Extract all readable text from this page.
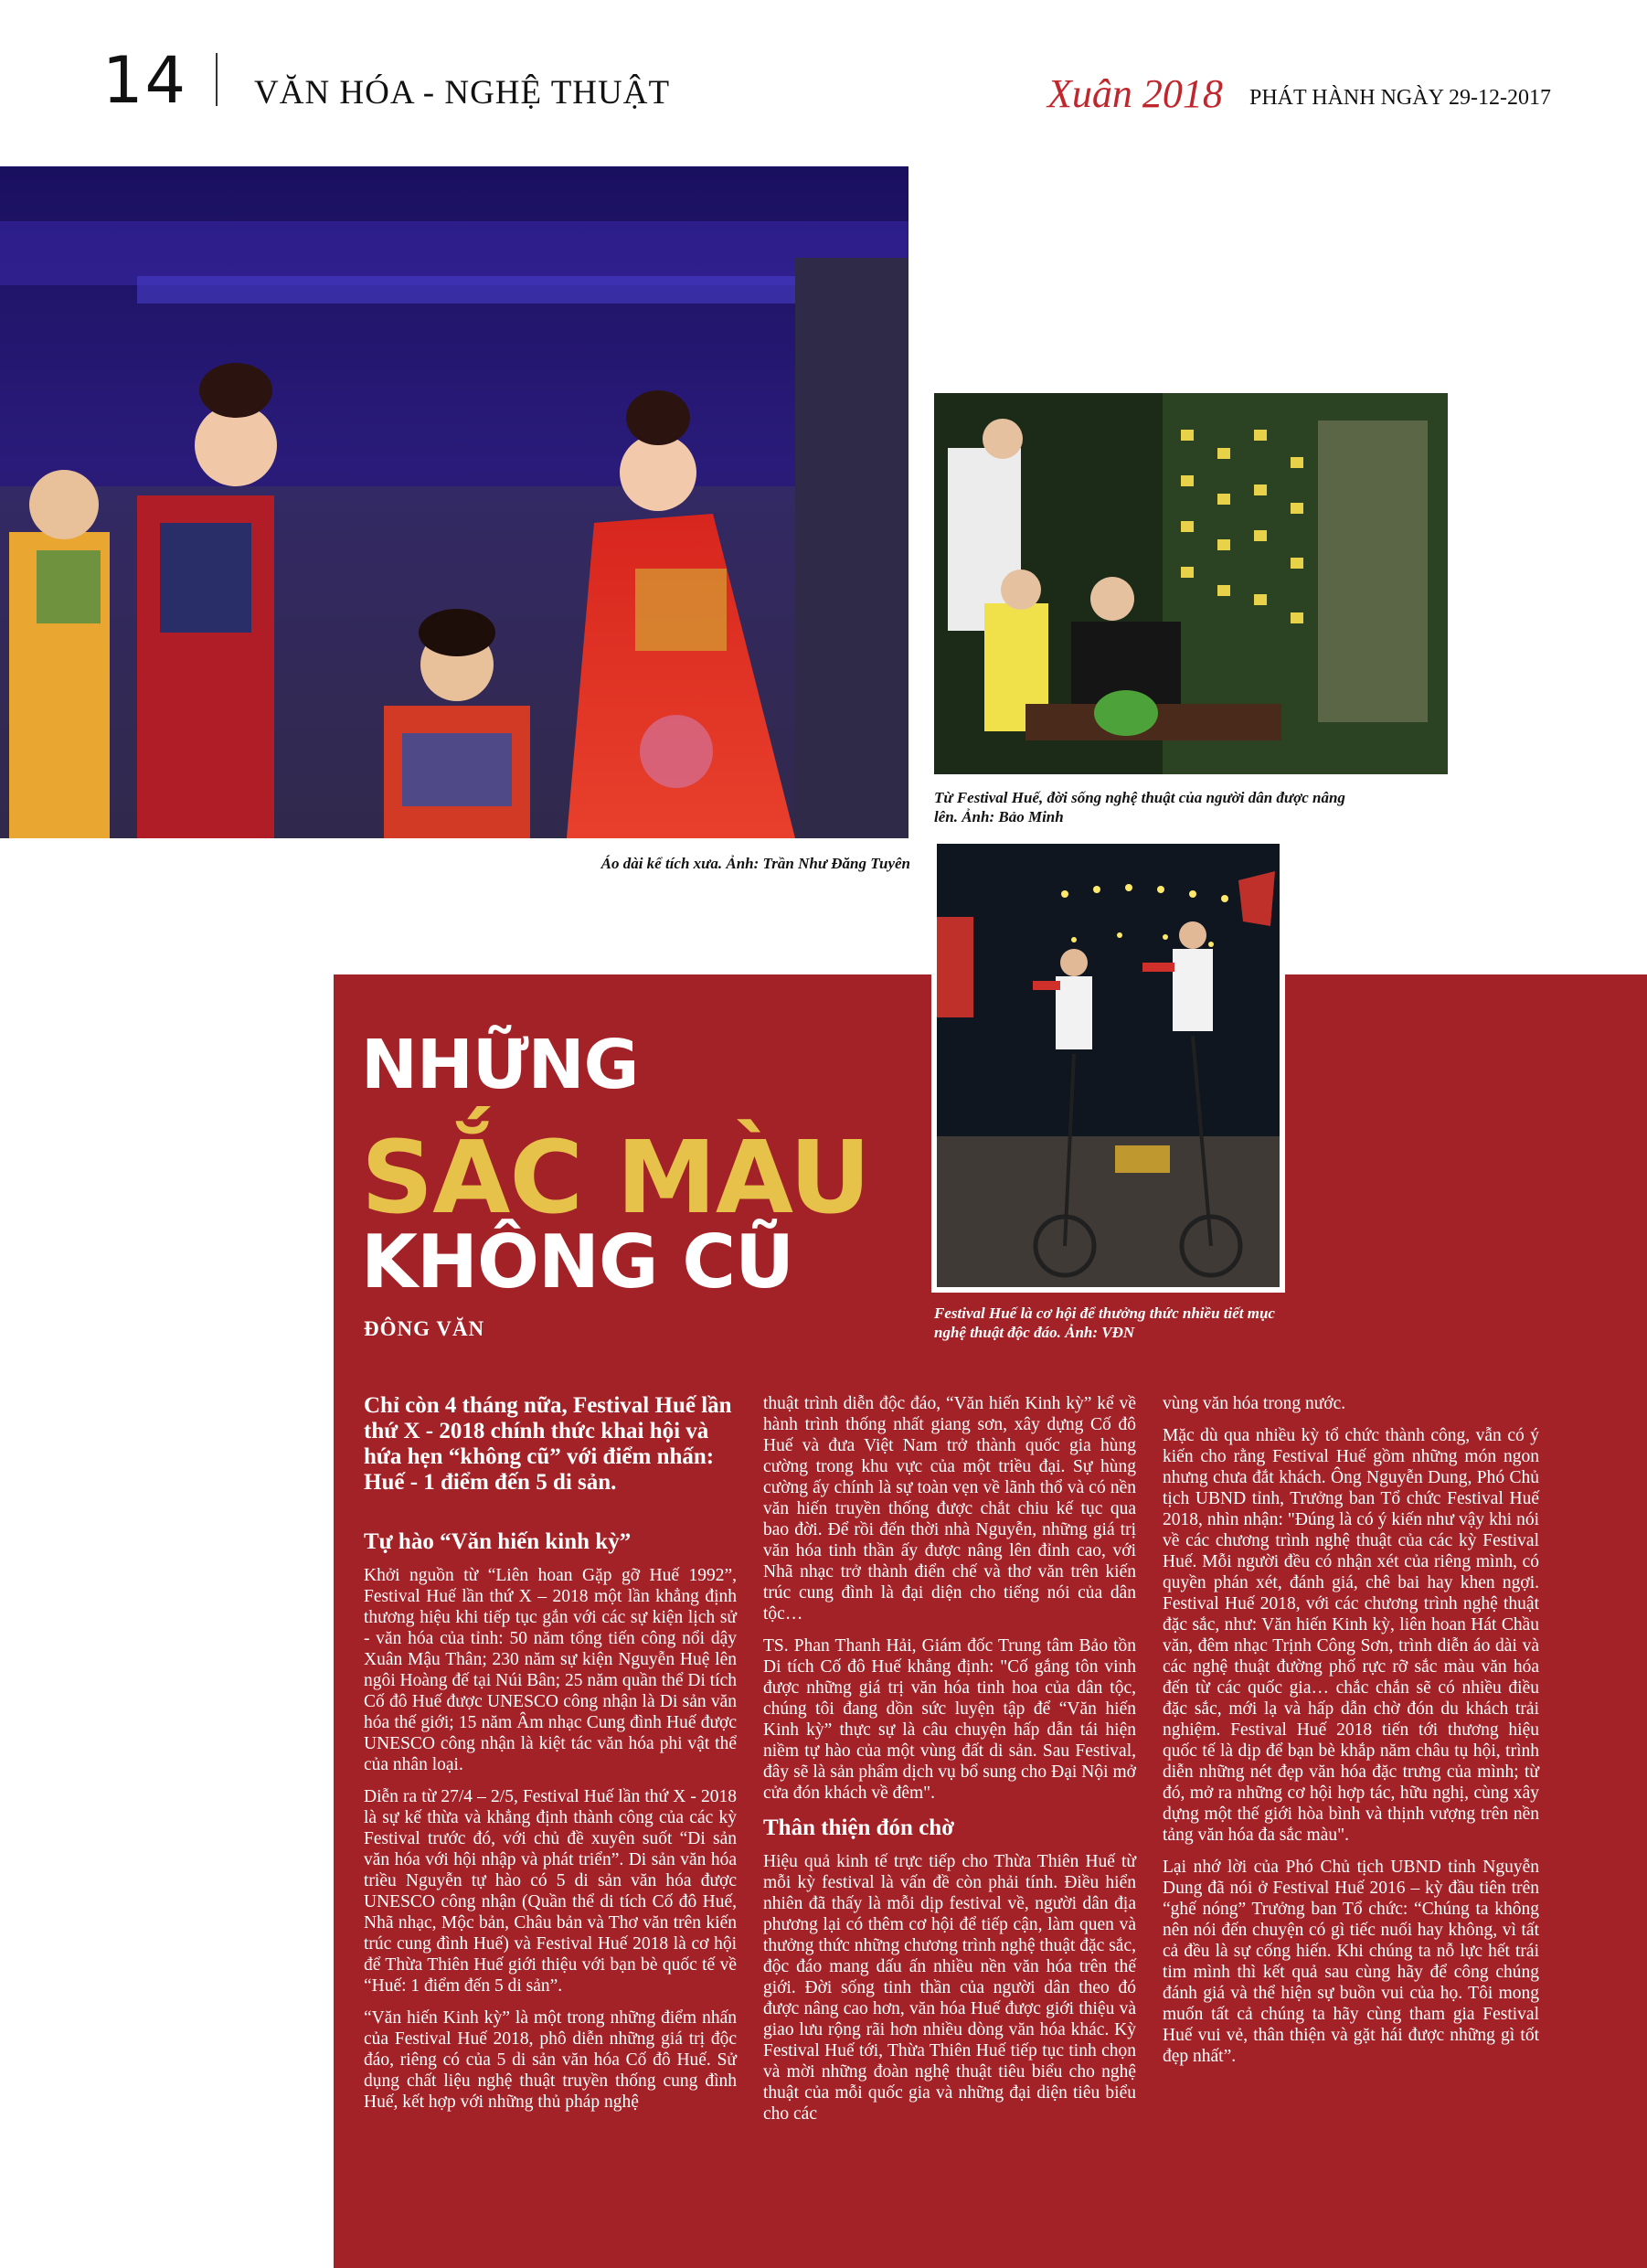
14 VĂN HÓA - NGHỆ THUẬT	Xuân 2018 PHÁT HÀNH NGÀY 29-12-2017
Áo dài kể tích xưa. Ảnh: Trần Như Đăng Tuyên
Từ Festival Huế, đời sống nghệ thuật của người dân được nâng lên. Ảnh: Bảo Minh
Festival Huế là cơ hội để thưởng thức nhiều tiết mục nghệ thuật độc đáo. Ảnh: VĐN
NHỮNG
SẮC MÀU
KHÔNG CŨ
ĐÔNG VĂN

Chỉ còn 4 tháng nữa, Festival Huế lần thứ X - 2018 chính thức khai hội và hứa hẹn “không cũ” với điểm nhấn: Huế - 1 điểm đến 5 di sản.

Tự hào “Văn hiến kinh kỳ”

Khởi nguồn từ “Liên hoan Gặp gỡ Huế 1992”, Festival Huế lần thứ X – 2018 một lần khẳng định thương hiệu khi tiếp tục gắn với các sự kiện lịch sử - văn hóa của tỉnh: 50 năm tổng tiến công nổi dậy Xuân Mậu Thân; 230 năm sự kiện Nguyễn Huệ lên ngôi Hoàng đế tại Núi Bân; 25 năm quần thể Di tích Cố đô Huế được UNESCO công nhận là Di sản văn hóa thế giới; 15 năm Âm nhạc Cung đình Huế được UNESCO công nhận là kiệt tác văn hóa phi vật thể của nhân loại.

Diễn ra từ 27/4 – 2/5, Festival Huế lần thứ X - 2018 là sự kế thừa và khẳng định thành công của các kỳ Festival trước đó, với chủ đề xuyên suốt “Di sản văn hóa với hội nhập và phát triển”. Di sản văn hóa triều Nguyễn tự hào có 5 di sản văn hóa được UNESCO công nhận (Quần thể di tích Cố đô Huế, Nhã nhạc, Mộc bản, Châu bản và Thơ văn trên kiến trúc cung đình Huế) và Festival Huế 2018 là cơ hội để Thừa Thiên Huế giới thiệu với bạn bè quốc tế về “Huế: 1 điểm đến 5 di sản”.

“Văn hiến Kinh kỳ” là một trong những điểm nhấn của Festival Huế 2018, phô diễn những giá trị độc đáo, riêng có của 5 di sản văn hóa Cố đô Huế. Sử dụng chất liệu nghệ thuật truyền thống cung đình Huế, kết hợp với những thủ pháp nghệ

thuật trình diễn độc đáo, “Văn hiến Kinh kỳ” kể về hành trình thống nhất giang sơn, xây dựng Cố đô Huế và đưa Việt Nam trở thành quốc gia hùng cường trong khu vực của một triều đại. Sự hùng cường ấy chính là sự toàn vẹn về lãnh thổ và có nền văn hiến truyền thống được chắt chiu kế tục qua bao đời. Để rồi đến thời nhà Nguyễn, những giá trị văn hóa tinh thần ấy được nâng lên đỉnh cao, với Nhã nhạc trở thành điển chế và thơ văn trên kiến trúc cung đình là đại diện cho tiếng nói của dân tộc…

TS. Phan Thanh Hải, Giám đốc Trung tâm Bảo tồn Di tích Cố đô Huế khẳng định: "Cố gắng tôn vinh được những giá trị văn hóa tinh hoa của dân tộc, chúng tôi đang dồn sức luyện tập để “Văn hiến Kinh kỳ” thực sự là câu chuyện hấp dẫn tái hiện niềm tự hào của một vùng đất di sản. Sau Festival, đây sẽ là sản phẩm dịch vụ bổ sung cho Đại Nội mở cửa đón khách về đêm".

Thân thiện đón chờ

Hiệu quả kinh tế trực tiếp cho Thừa Thiên Huế từ mỗi kỳ festival là vấn đề còn phải tính. Điều hiển nhiên đã thấy là mỗi dịp festival về, người dân địa phương lại có thêm cơ hội để tiếp cận, làm quen và thưởng thức những chương trình nghệ thuật đặc sắc, độc đáo mang dấu ấn nhiều nền văn hóa trên thế giới. Đời sống tinh thần của người dân theo đó được nâng cao hơn, văn hóa Huế được giới thiệu và giao lưu rộng rãi hơn nhiều dòng văn hóa khác. Kỳ Festival Huế tới, Thừa Thiên Huế tiếp tục tinh chọn và mời những đoàn nghệ thuật tiêu biểu cho nghệ thuật của mỗi quốc gia và những đại diện tiêu biểu cho các

vùng văn hóa trong nước.

Mặc dù qua nhiều kỳ tổ chức thành công, vẫn có ý kiến cho rằng Festival Huế gồm những món ngon nhưng chưa đắt khách. Ông Nguyễn Dung, Phó Chủ tịch UBND tỉnh, Trưởng ban Tổ chức Festival Huế 2018, nhìn nhận: "Đúng là có ý kiến như vậy khi nói về các chương trình nghệ thuật của các kỳ Festival Huế. Mỗi người đều có nhận xét của riêng mình, có quyền phán xét, đánh giá, chê bai hay khen ngợi. Festival Huế 2018, với các chương trình nghệ thuật đặc sắc, như: Văn hiến Kinh kỳ, liên hoan Hát Chầu văn, đêm nhạc Trịnh Công Sơn, trình diễn áo dài và các nghệ thuật đường phố rực rỡ sắc màu văn hóa đến từ các quốc gia… chắc chắn sẽ có nhiều điều đặc sắc, mới lạ và hấp dẫn chờ đón du khách trải nghiệm. Festival Huế 2018 tiến tới thương hiệu quốc tế là dịp để bạn bè khắp năm châu tụ hội, trình diễn những nét đẹp văn hóa đặc trưng của mình; từ đó, mở ra những cơ hội hợp tác, hữu nghị, cùng xây dựng một thế giới hòa bình và thịnh vượng trên nền tảng văn hóa đa sắc màu".

Lại nhớ lời của Phó Chủ tịch UBND tỉnh Nguyễn Dung đã nói ở Festival Huế 2016 – kỳ đầu tiên trên “ghế nóng” Trưởng ban Tổ chức: “Chúng ta không nên nói đến chuyện có gì tiếc nuối hay không, vì tất cả đều là sự cống hiến. Khi chúng ta nỗ lực hết trái tim mình thì kết quả sau cùng hãy để công chúng đánh giá và thể hiện sự buồn vui của họ. Tôi mong muốn tất cả chúng ta hãy cùng tham gia Festival Huế vui vẻ, thân thiện và gặt hái được những gì tốt đẹp nhất”.
